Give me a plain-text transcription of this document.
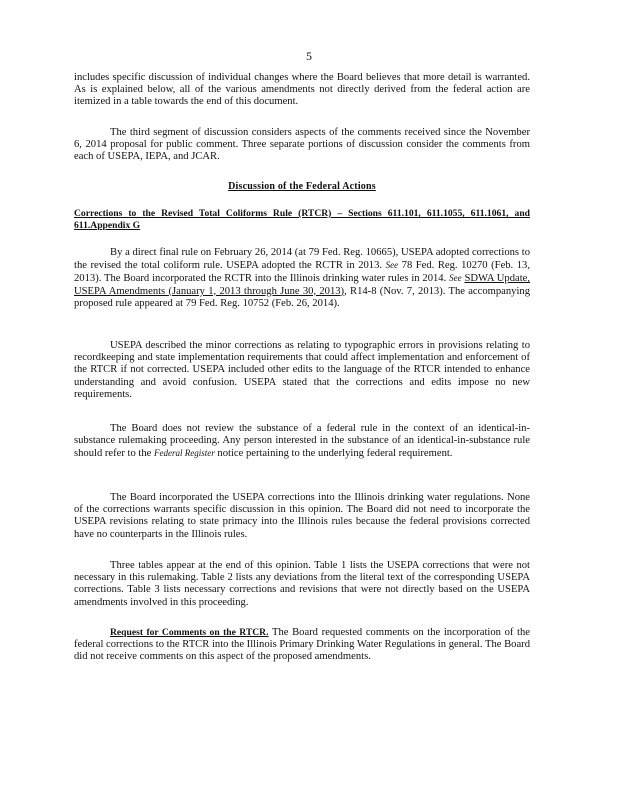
5

includes specific discussion of individual changes where the Board believes that more detail is warranted. As is explained below, all of the various amendments not directly derived from the federal action are itemized in a table towards the end of this document.

The third segment of discussion considers aspects of the comments received since the November 6, 2014 proposal for public comment. Three separate portions of discussion consider the comments from each of USEPA, IEPA, and JCAR.

Discussion of the Federal Actions
Corrections to the Revised Total Coliforms Rule (RTCR) – Sections 611.101, 611.1055, 611.1061, and 611.Appendix G

By a direct final rule on February 26, 2014 (at 79 Fed. Reg. 10665), USEPA adopted corrections to the revised the total coliform rule. USEPA adopted the RCTR in 2013. See 78 Fed. Reg. 10270 (Feb. 13, 2013). The Board incorporated the RCTR into the Illinois drinking water rules in 2014. See SDWA Update, USEPA Amendments (January 1, 2013 through June 30, 2013), R14-8 (Nov. 7, 2013). The accompanying proposed rule appeared at 79 Fed. Reg. 10752 (Feb. 26, 2014).

USEPA described the minor corrections as relating to typographic errors in provisions relating to recordkeeping and state implementation requirements that could affect implementation and enforcement of the RTCR if not corrected. USEPA included other edits to the language of the RTCR intended to enhance understanding and avoid confusion. USEPA stated that the corrections and edits impose no new requirements.

The Board does not review the substance of a federal rule in the context of an identical-in-substance rulemaking proceeding. Any person interested in the substance of an identical-in-substance rule should refer to the Federal Register notice pertaining to the underlying federal requirement.

The Board incorporated the USEPA corrections into the Illinois drinking water regulations. None of the corrections warrants specific discussion in this opinion. The Board did not need to incorporate the USEPA revisions relating to state primacy into the Illinois rules because the federal provisions corrected have no counterparts in the Illinois rules.

Three tables appear at the end of this opinion. Table 1 lists the USEPA corrections that were not necessary in this rulemaking. Table 2 lists any deviations from the literal text of the corresponding USEPA corrections. Table 3 lists necessary corrections and revisions that were not directly based on the USEPA amendments involved in this proceeding.

Request for Comments on the RTCR. The Board requested comments on the incorporation of the federal corrections to the RTCR into the Illinois Primary Drinking Water Regulations in general. The Board did not receive comments on this aspect of the proposed amendments.
